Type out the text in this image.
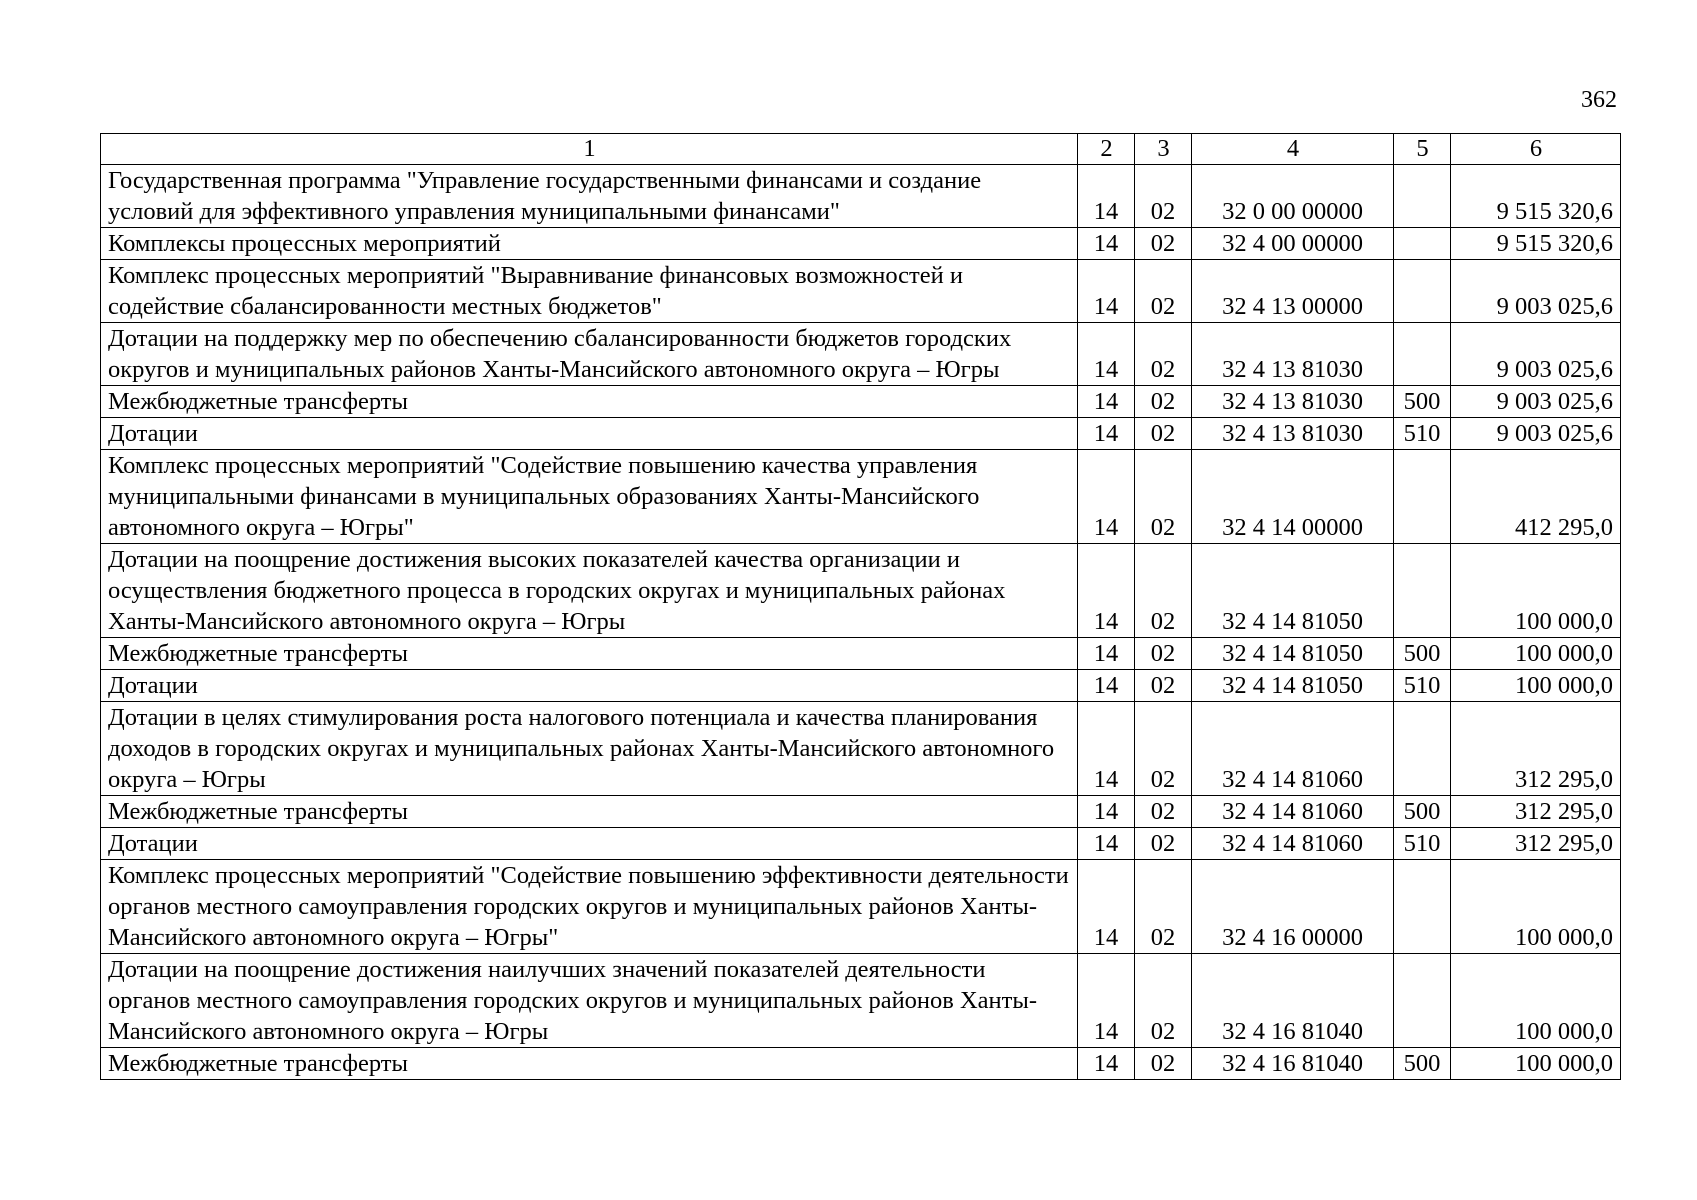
362
1	2	3	4	5	6
Государственная программа "Управление государственными финансами и создание условий для эффективного управления муниципальными финансами"	14	02	32 0 00 00000		9 515 320,6
Комплексы процессных мероприятий	14	02	32 4 00 00000		9 515 320,6
Комплекс процессных мероприятий "Выравнивание финансовых возможностей и содействие сбалансированности местных бюджетов"	14	02	32 4 13 00000		9 003 025,6
Дотации на поддержку мер по обеспечению сбалансированности бюджетов городских округов и муниципальных районов Ханты-Мансийского автономного округа – Югры	14	02	32 4 13 81030		9 003 025,6
Межбюджетные трансферты	14	02	32 4 13 81030	500	9 003 025,6
Дотации	14	02	32 4 13 81030	510	9 003 025,6
Комплекс процессных мероприятий "Содействие повышению качества управления муниципальными финансами в муниципальных образованиях Ханты-Мансийского автономного округа – Югры"	14	02	32 4 14 00000		412 295,0
Дотации на поощрение достижения высоких показателей качества организации и осуществления бюджетного процесса в городских округах и муниципальных районах Ханты-Мансийского автономного округа – Югры	14	02	32 4 14 81050		100 000,0
Межбюджетные трансферты	14	02	32 4 14 81050	500	100 000,0
Дотации	14	02	32 4 14 81050	510	100 000,0
Дотации в целях стимулирования роста налогового потенциала и качества планирования доходов в городских округах и муниципальных районах Ханты-Мансийского автономного округа – Югры	14	02	32 4 14 81060		312 295,0
Межбюджетные трансферты	14	02	32 4 14 81060	500	312 295,0
Дотации	14	02	32 4 14 81060	510	312 295,0
Комплекс процессных мероприятий "Содействие повышению эффективности деятельности органов местного самоуправления городских округов и муниципальных районов Ханты-Мансийского автономного округа – Югры"	14	02	32 4 16 00000		100 000,0
Дотации на поощрение достижения наилучших значений показателей деятельности органов местного самоуправления городских округов и муниципальных районов Ханты-Мансийского автономного округа – Югры	14	02	32 4 16 81040		100 000,0
Межбюджетные трансферты	14	02	32 4 16 81040	500	100 000,0
